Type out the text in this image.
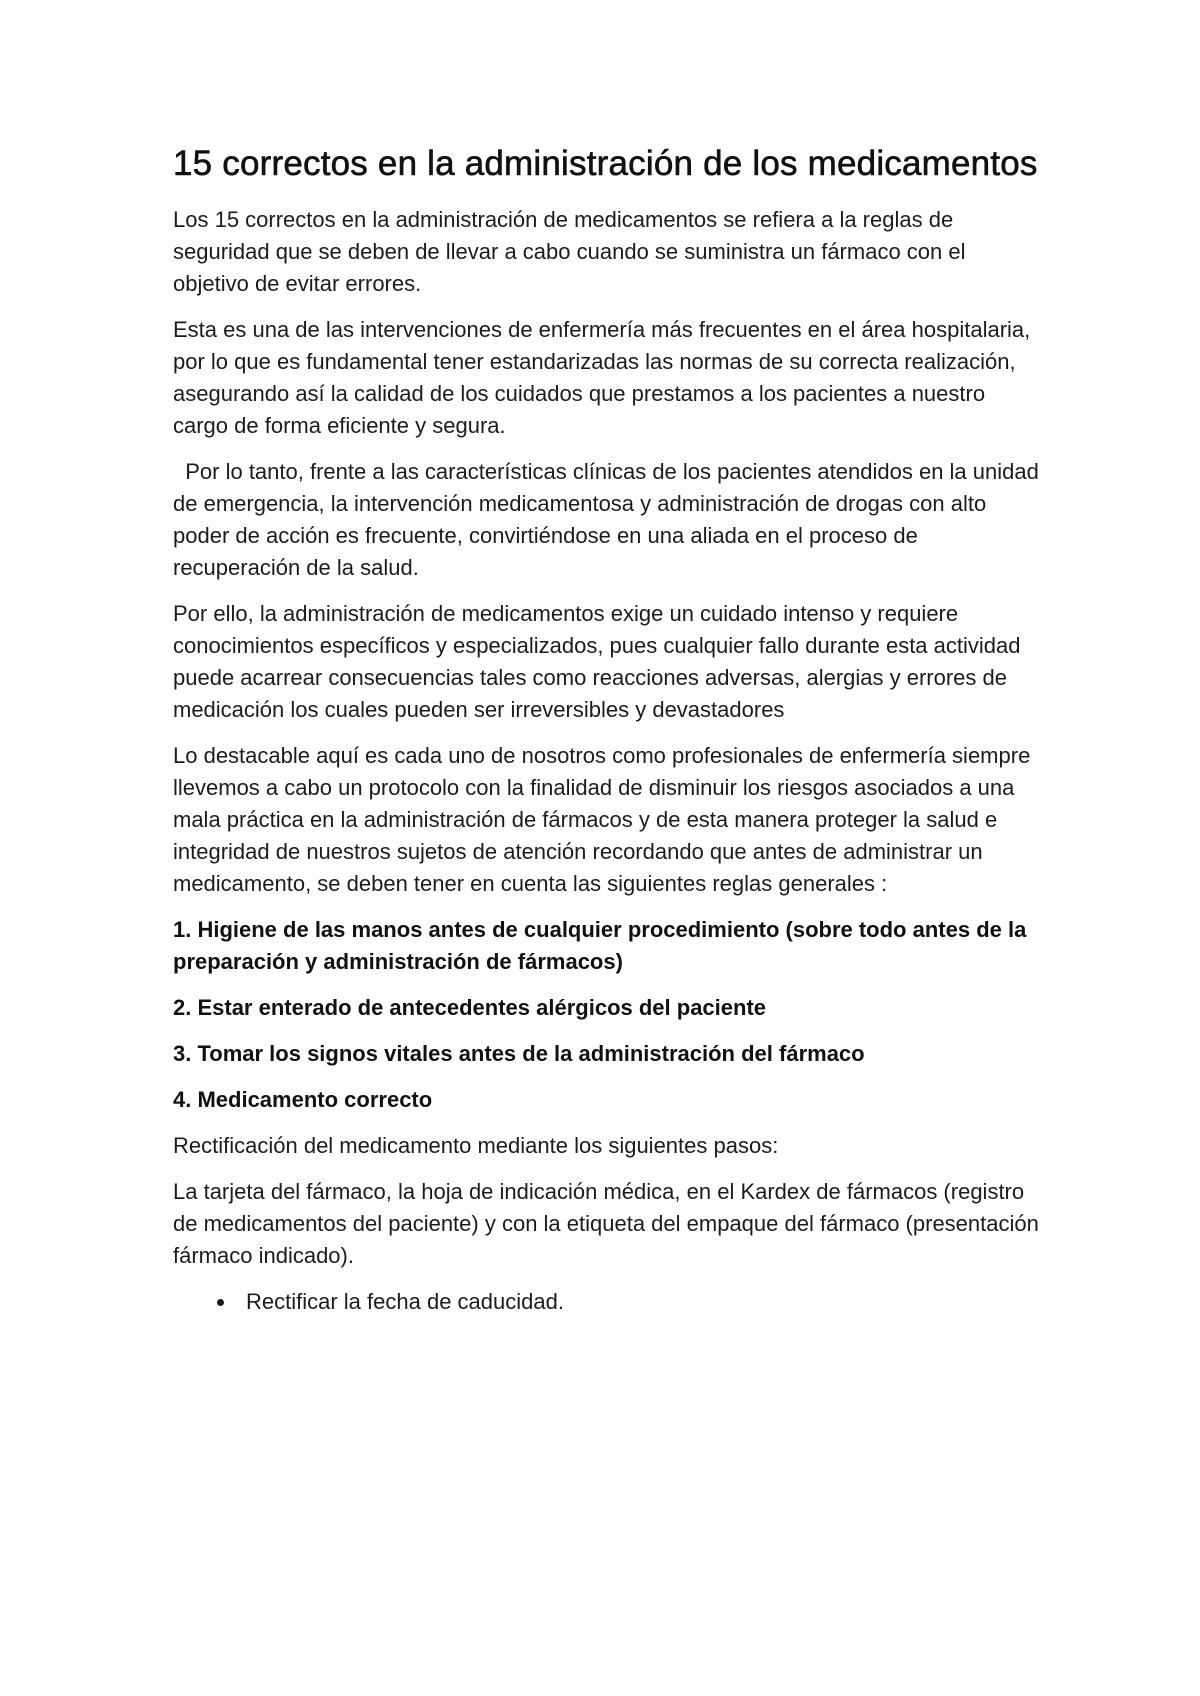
15 correctos en la administración de los medicamentos

Los 15 correctos en la administración de medicamentos se refiera a la reglas de seguridad que se deben de llevar a cabo cuando se suministra un fármaco con el objetivo de evitar errores.

Esta es una de las intervenciones de enfermería más frecuentes en el área hospitalaria, por lo que es fundamental tener estandarizadas las normas de su correcta realización, asegurando así la calidad de los cuidados que prestamos a los pacientes a nuestro cargo de forma eficiente y segura.

Por lo tanto, frente a las características clínicas de los pacientes atendidos en la unidad de emergencia, la intervención medicamentosa y administración de drogas con alto poder de acción es frecuente, convirtiéndose en una aliada en el proceso de recuperación de la salud.

Por ello, la administración de medicamentos exige un cuidado intenso y requiere conocimientos específicos y especializados, pues cualquier fallo durante esta actividad puede acarrear consecuencias tales como reacciones adversas, alergias y errores de medicación los cuales pueden ser irreversibles y devastadores

Lo destacable aquí es cada uno de nosotros como profesionales de enfermería siempre llevemos a cabo un protocolo con la finalidad de disminuir los riesgos asociados a una mala práctica en la administración de fármacos y de esta manera proteger la salud e integridad de nuestros sujetos de atención recordando que antes de administrar un medicamento, se deben tener en cuenta las siguientes reglas generales :

1. Higiene de las manos antes de cualquier procedimiento (sobre todo antes de la preparación y administración de fármacos)

2. Estar enterado de antecedentes alérgicos del paciente

3. Tomar los signos vitales antes de la administración del fármaco

4. Medicamento correcto

Rectificación del medicamento mediante los siguientes pasos:

La tarjeta del fármaco, la hoja de indicación médica, en el Kardex de fármacos (registro de medicamentos del paciente) y con la etiqueta del empaque del fármaco (presentación fármaco indicado).

Rectificar la fecha de caducidad.
